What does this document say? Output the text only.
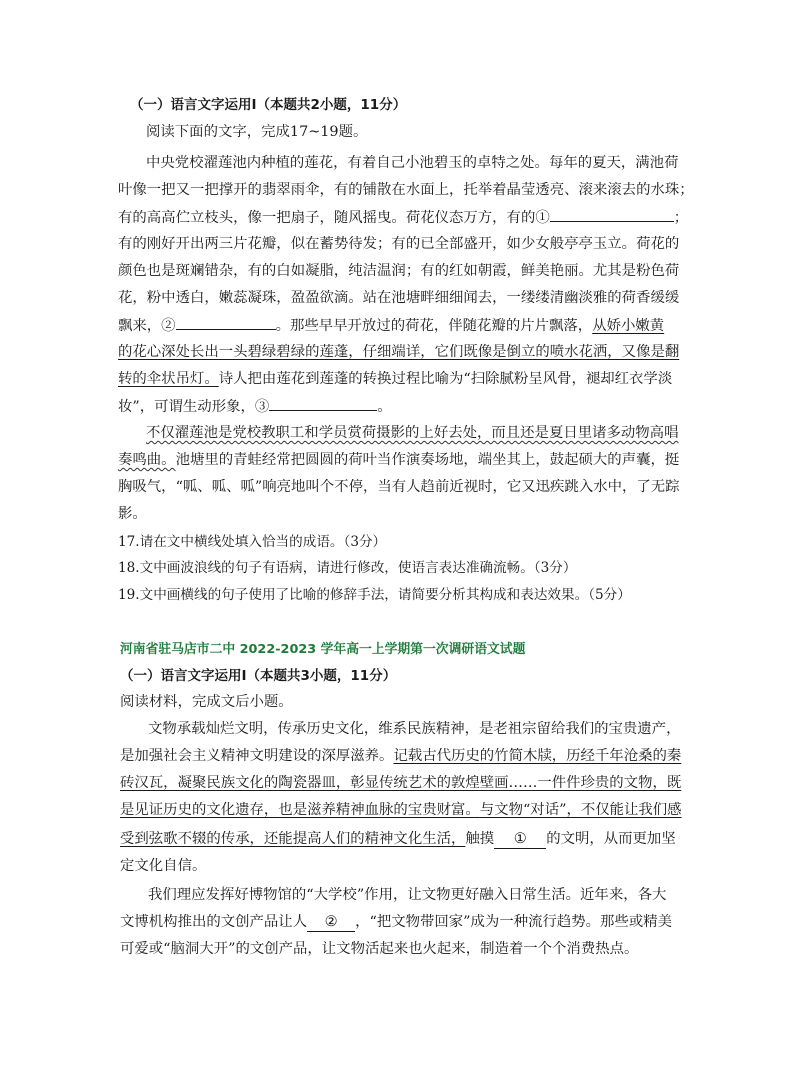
（一）语言文字运用Ⅰ（本题共2小题，11分）
阅读下面的文字，完成17~19题。
中央党校濯莲池内种植的莲花，有着自己小池碧玉的卓特之处。每年的夏天，满池荷
叶像一把又一把撑开的翡翠雨伞，有的铺散在水面上，托举着晶莹透亮、滚来滚去的水珠；
有的高高伫立枝头，像一把扇子，随风摇曳。荷花仪态万方，有的①	；
有的刚好开出两三片花瓣，似在蓄势待发；有的已全部盛开，如少女般亭亭玉立。荷花的
颜色也是斑斓错杂，有的白如凝脂，纯洁温润；有的红如朝霞，鲜美艳丽。尤其是粉色荷
花，粉中透白，嫩蕊凝珠，盈盈欲滴。站在池塘畔细细闻去，一缕缕清幽淡雅的荷香缓缓
飘来，②	。那些早早开放过的荷花，伴随花瓣的片片飘落，从娇小嫩黄
的花心深处长出一头碧绿碧绿的莲蓬，仔细端详，它们既像是倒立的喷水花洒，又像是翻
转的伞状吊灯。诗人把由莲花到莲蓬的转换过程比喻为“扫除腻粉呈风骨，褪却红衣学淡
妆”，可谓生动形象，③	。
不仅濯莲池是党校教职工和学员赏荷摄影的上好去处，而且还是夏日里诸多动物高唱
奏鸣曲。池塘里的青蛙经常把圆圆的荷叶当作演奏场地，端坐其上，鼓起硕大的声囊，挺
胸吸气，“呱、呱、呱”响亮地叫个不停，当有人趋前近视时，它又迅疾跳入水中，了无踪
影。
17.请在文中横线处填入恰当的成语。（3分）
18.文中画波浪线的句子有语病，请进行修改，使语言表达准确流畅。（3分）
19.文中画横线的句子使用了比喻的修辞手法，请简要分析其构成和表达效果。（5分）
河南省驻马店市二中 2022-2023 学年高一上学期第一次调研语文试题
（一）语言文字运用Ⅰ（本题共3小题，11分）
阅读材料，完成文后小题。
文物承载灿烂文明，传承历史文化，维系民族精神，是老祖宗留给我们的宝贵遗产，
是加强社会主义精神文明建设的深厚滋养。记载古代历史的竹简木牍，历经千年沧桑的秦
砖汉瓦，凝聚民族文化的陶瓷器皿，彰显传统艺术的敦煌壁画……一件件珍贵的文物，既
是见证历史的文化遗存，也是滋养精神血脉的宝贵财富。与文物“对话”，不仅能让我们感
受到弦歌不辍的传承，还能提高人们的精神文化生活，触摸 ① 的文明，从而更加坚
定文化自信。
我们理应发挥好博物馆的“大学校”作用，让文物更好融入日常生活。近年来，各大
文博机构推出的文创产品让人 ② ，“把文物带回家”成为一种流行趋势。那些或精美
可爱或“脑洞大开”的文创产品，让文物活起来也火起来，制造着一个个消费热点。
